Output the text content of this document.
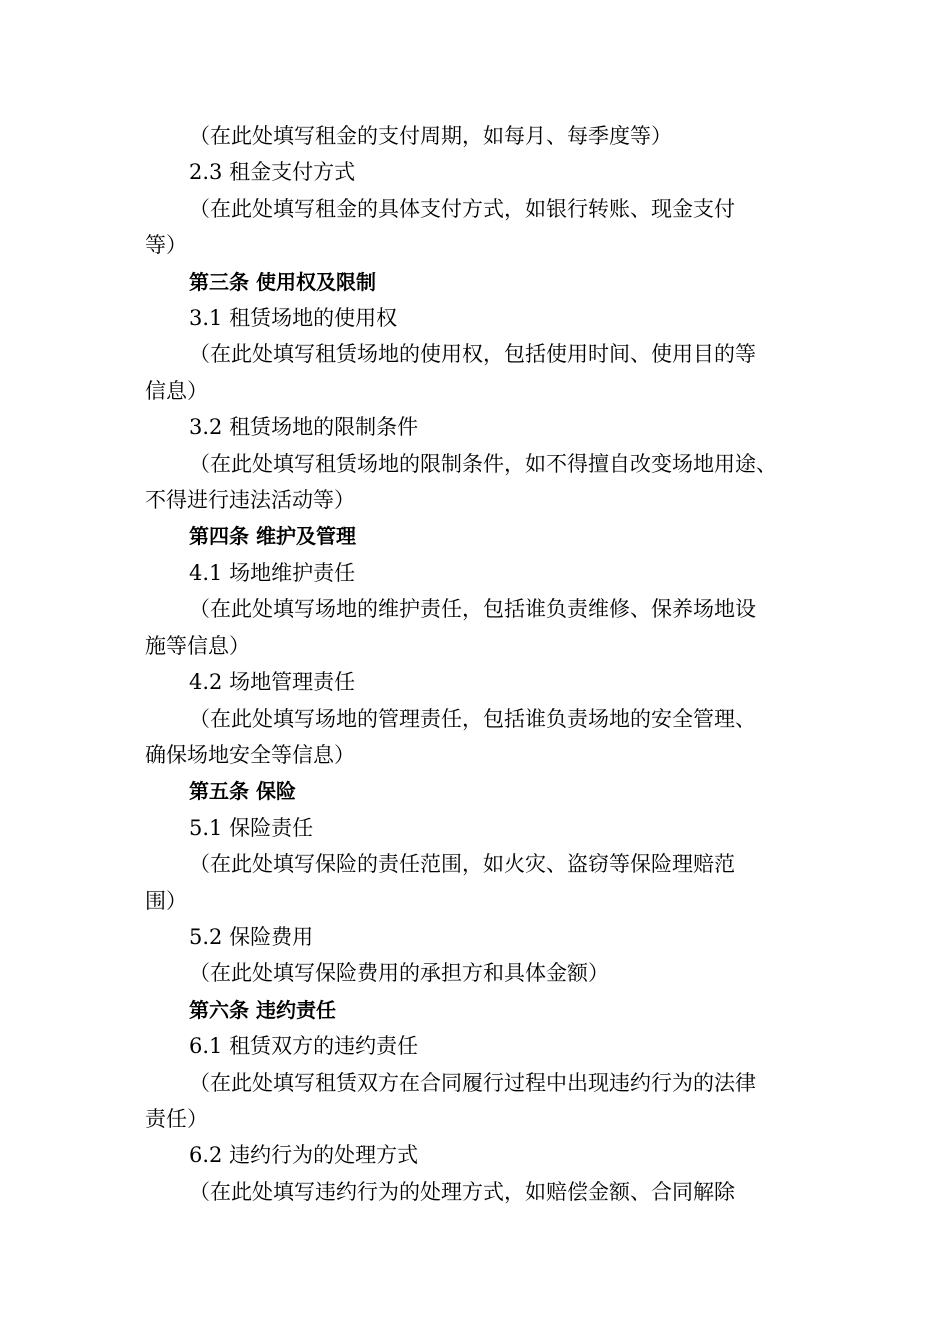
（在此处填写租金的支付周期，如每月、每季度等）
2.3 租金支付方式
（在此处填写租金的具体支付方式，如银行转账、现金支付
等）
第三条 使用权及限制
3.1 租赁场地的使用权
（在此处填写租赁场地的使用权，包括使用时间、使用目的等
信息）
3.2 租赁场地的限制条件
（在此处填写租赁场地的限制条件，如不得擅自改变场地用途、
不得进行违法活动等）
第四条 维护及管理
4.1 场地维护责任
（在此处填写场地的维护责任，包括谁负责维修、保养场地设
施等信息）
4.2 场地管理责任
（在此处填写场地的管理责任，包括谁负责场地的安全管理、
确保场地安全等信息）
第五条 保险
5.1 保险责任
（在此处填写保险的责任范围，如火灾、盗窃等保险理赔范
围）
5.2 保险费用
（在此处填写保险费用的承担方和具体金额）
第六条 违约责任
6.1 租赁双方的违约责任
（在此处填写租赁双方在合同履行过程中出现违约行为的法律
责任）
6.2 违约行为的处理方式
（在此处填写违约行为的处理方式，如赔偿金额、合同解除
